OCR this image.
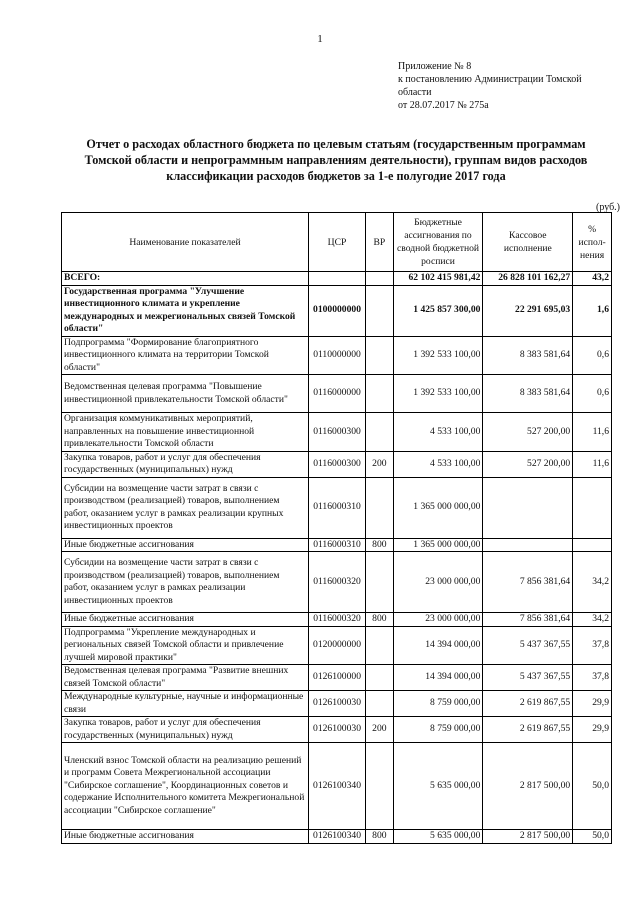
1
Приложение № 8
к постановлению Администрации Томской
области
от 28.07.2017 № 275а
Отчет о расходах областного бюджета по целевым статьям (государственным программам
Томской области и непрограммным направлениям деятельности), группам видов расходов
классификации расходов бюджетов за 1-е полугодие 2017 года
(руб.)
Наименование показателей	ЦСР	ВР	Бюджетные ассигнования по сводной бюджетной росписи	Кассовое исполнение	% испол-нения
ВСЕГО:			62 102 415 981,42	26 828 101 162,27	43,2
Государственная программа "Улучшение инвестиционного климата и укрепление международных и межрегиональных связей Томской области"	0100000000		1 425 857 300,00	22 291 695,03	1,6
Подпрограмма "Формирование благоприятного инвестиционного климата на территории Томской области"	0110000000		1 392 533 100,00	8 383 581,64	0,6
Ведомственная целевая программа "Повышение инвестиционной привлекательности Томской области"	0116000000		1 392 533 100,00	8 383 581,64	0,6
Организация коммуникативных мероприятий, направленных на повышение инвестиционной привлекательности Томской области	0116000300		4 533 100,00	527 200,00	11,6
Закупка товаров, работ и услуг для обеспечения государственных (муниципальных) нужд	0116000300	200	4 533 100,00	527 200,00	11,6
Субсидии на возмещение части затрат в связи с производством (реализацией) товаров, выполнением работ, оказанием услуг в рамках реализации крупных инвестиционных проектов	0116000310		1 365 000 000,00		
Иные бюджетные ассигнования	0116000310	800	1 365 000 000,00		
Субсидии на возмещение части затрат в связи с производством (реализацией) товаров, выполнением работ, оказанием услуг в рамках реализации инвестиционных проектов	0116000320		23 000 000,00	7 856 381,64	34,2
Иные бюджетные ассигнования	0116000320	800	23 000 000,00	7 856 381,64	34,2
Подпрограмма "Укрепление международных и региональных связей Томской области и привлечение лучшей мировой практики"	0120000000		14 394 000,00	5 437 367,55	37,8
Ведомственная целевая программа "Развитие внешних связей Томской области"	0126100000		14 394 000,00	5 437 367,55	37,8
Международные культурные, научные и информационные связи	0126100030		8 759 000,00	2 619 867,55	29,9
Закупка товаров, работ и услуг для обеспечения государственных (муниципальных) нужд	0126100030	200	8 759 000,00	2 619 867,55	29,9
Членский взнос Томской области на реализацию решений и программ Совета Межрегиональной ассоциации "Сибирское соглашение", Координационных советов и содержание Исполнительного комитета Межрегиональной ассоциации "Сибирское соглашение"	0126100340		5 635 000,00	2 817 500,00	50,0
Иные бюджетные ассигнования	0126100340	800	5 635 000,00	2 817 500,00	50,0
